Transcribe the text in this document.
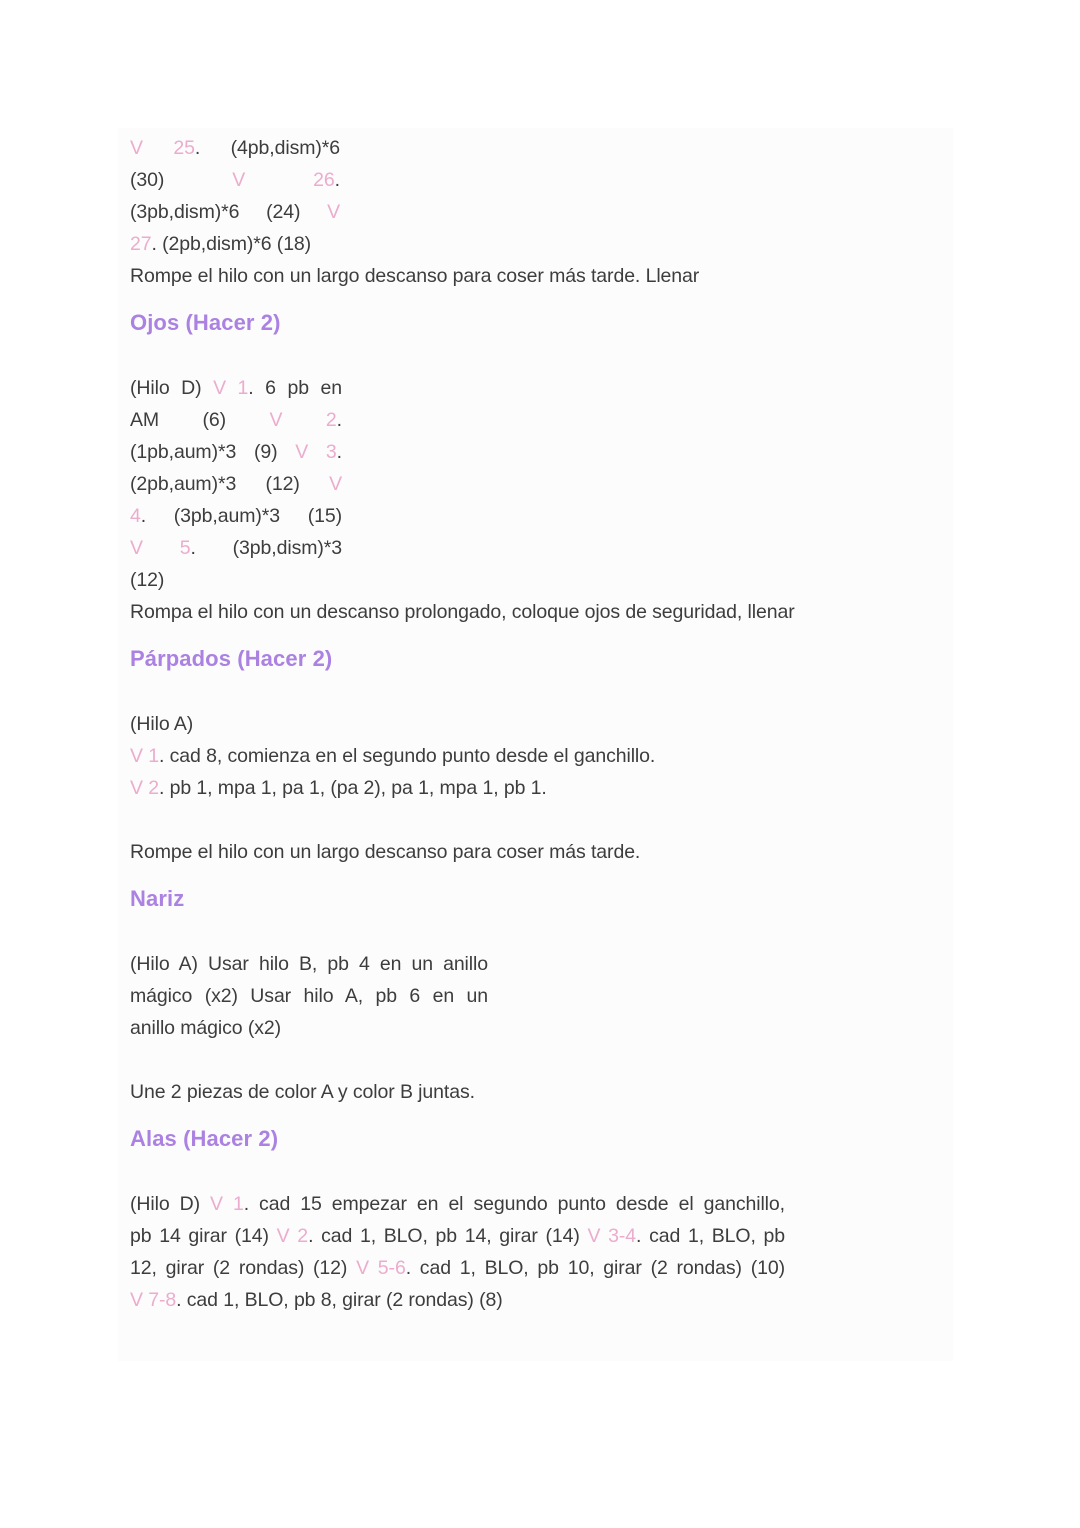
V 25. (4pb,dism)*6
(30) V 26.
(3pb,dism)*6 (24) V
27. (2pb,dism)*6 (18)
Rompe el hilo con un largo descanso para coser más tarde. Llenar
Ojos (Hacer 2)
(Hilo D) V 1. 6 pb en
AM (6) V 2.
(1pb,aum)*3 (9) V 3.
(2pb,aum)*3 (12) V
4. (3pb,aum)*3 (15)
V 5. (3pb,dism)*3
(12)
Rompa el hilo con un descanso prolongado, coloque ojos de seguridad, llenar
Párpados (Hacer 2)
(Hilo A)
V 1. cad 8, comienza en el segundo punto desde el ganchillo.
V 2. pb 1, mpa 1, pa 1, (pa 2), pa 1, mpa 1, pb 1.
Rompe el hilo con un largo descanso para coser más tarde.
Nariz
(Hilo A) Usar hilo B, pb 4 en un anillo
mágico (x2) Usar hilo A, pb 6 en un
anillo mágico (x2)
Une 2 piezas de color A y color B juntas.
Alas (Hacer 2)
(Hilo D) V 1. cad 15 empezar en el segundo punto desde el ganchillo,
pb 14 girar (14) V 2. cad 1, BLO, pb 14, girar (14) V 3-4. cad 1, BLO, pb
12, girar (2 rondas) (12) V 5-6. cad 1, BLO, pb 10, girar (2 rondas) (10)
V 7-8. cad 1, BLO, pb 8, girar (2 rondas) (8)
